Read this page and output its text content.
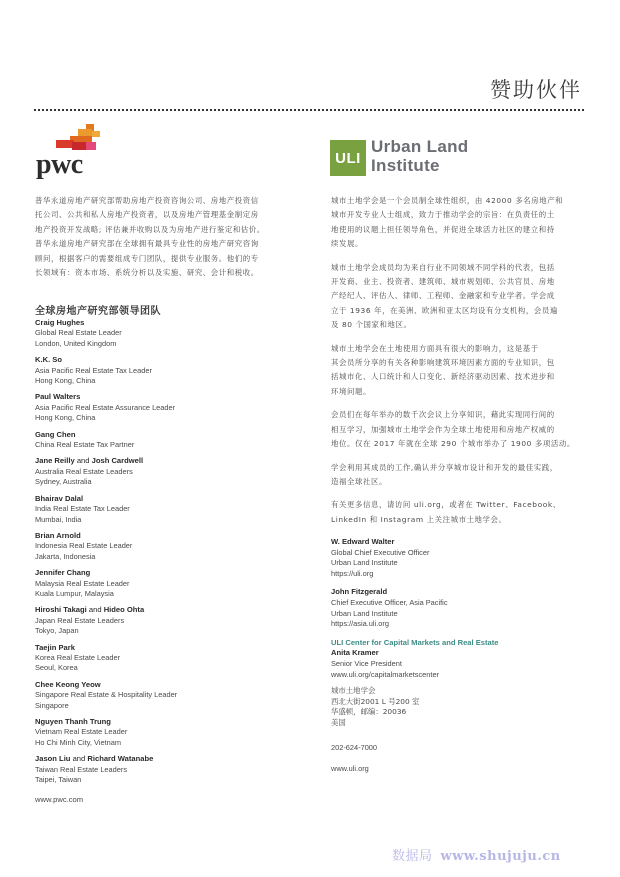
赞助伙伴
pwc	ULI
Urban Land
Institute

普华永道房地产研究部帮助房地产投资咨询公司、房地产投资信
托公司、公共和私人房地产投资者，以及房地产管理基金制定房
地产投资开发战略; 评估兼并收购以及为房地产进行鉴定和估价。
普华永道房地产研究部在全球拥有最具专业性的房地产研究咨询
顾问，根据客户的需要组成专门团队，提供专业服务。他们的专
长领域有：资本市场、系统分析以及实施、研究、会计和税收。

全球房地产研究部领导团队
Craig Hughes
Global Real Estate Leader
London, United Kingdom
K.K. So
Asia Pacific Real Estate Tax Leader
Hong Kong, China
Paul Walters
Asia Pacific Real Estate Assurance Leader
Hong Kong, China
Gang Chen
China Real Estate Tax Partner
Jane Reilly and Josh Cardwell
Australia Real Estate Leaders
Sydney, Australia
Bhairav Dalal
India Real Estate Tax Leader
Mumbai, India
Brian Arnold
Indonesia Real Estate Leader
Jakarta, Indonesia
Jennifer Chang
Malaysia Real Estate Leader
Kuala Lumpur, Malaysia
Hiroshi Takagi and Hideo Ohta
Japan Real Estate Leaders
Tokyo, Japan
Taejin Park
Korea Real Estate Leader
Seoul, Korea
Chee Keong Yeow
Singapore Real Estate & Hospitality Leader
Singapore
Nguyen Thanh Trung
Vietnam Real Estate Leader
Ho Chi Minh City, Vietnam
Jason Liu and Richard Watanabe
Taiwan Real Estate Leaders
Taipei, Taiwan
www.pwc.com

城市土地学会是一个会员制全球性组织，由 42000 多名房地产和
城市开发专业人士组成，致力于推动学会的宗旨：在负责任的土
地使用的议题上担任领导角色，并促进全球活力社区的建立和持
续发展。

城市土地学会成员均为来自行业不同领域不同学科的代表，包括
开发商、业主、投资者、建筑师、城市规划师、公共官员、房地
产经纪人、评估人、律师、工程师、金融家和专业学者。学会成
立于 1936 年，在美洲、欧洲和亚太区均设有分支机构，会员遍
及 80 个国家和地区。

城市土地学会在土地使用方面具有很大的影响力，这是基于
其会员所分享的有关各种影响建筑环境因素方面的专业知识，包
括城市化、人口统计和人口变化、新经济驱动因素、技术进步和
环境问题。

会员们在每年举办的数千次会议上分享知识，藉此实现同行间的
相互学习，加强城市土地学会作为全球土地使用和房地产权威的
地位。仅在 2017 年就在全球 290 个城市举办了 1900 多项活动。

学会利用其成员的工作,确认并分享城市设计和开发的最佳实践，
造福全球社区。

有关更多信息，请访问 uli.org，或者在 Twitter、Facebook、
LinkedIn 和 Instagram 上关注城市土地学会。

W. Edward Walter
Global Chief Executive Officer
Urban Land Institute
https://uli.org
John Fitzgerald
Chief Executive Officer, Asia Pacific
Urban Land Institute
https://asia.uli.org
ULI Center for Capital Markets and Real Estate
Anita Kramer
Senior Vice President
www.uli.org/capitalmarketscenter
城市土地学会
西北大街2001 L 号200 室
华盛顿，邮编：20036
美国
202-624-7000
www.uli.org
数据局 www.shujuju.cn
